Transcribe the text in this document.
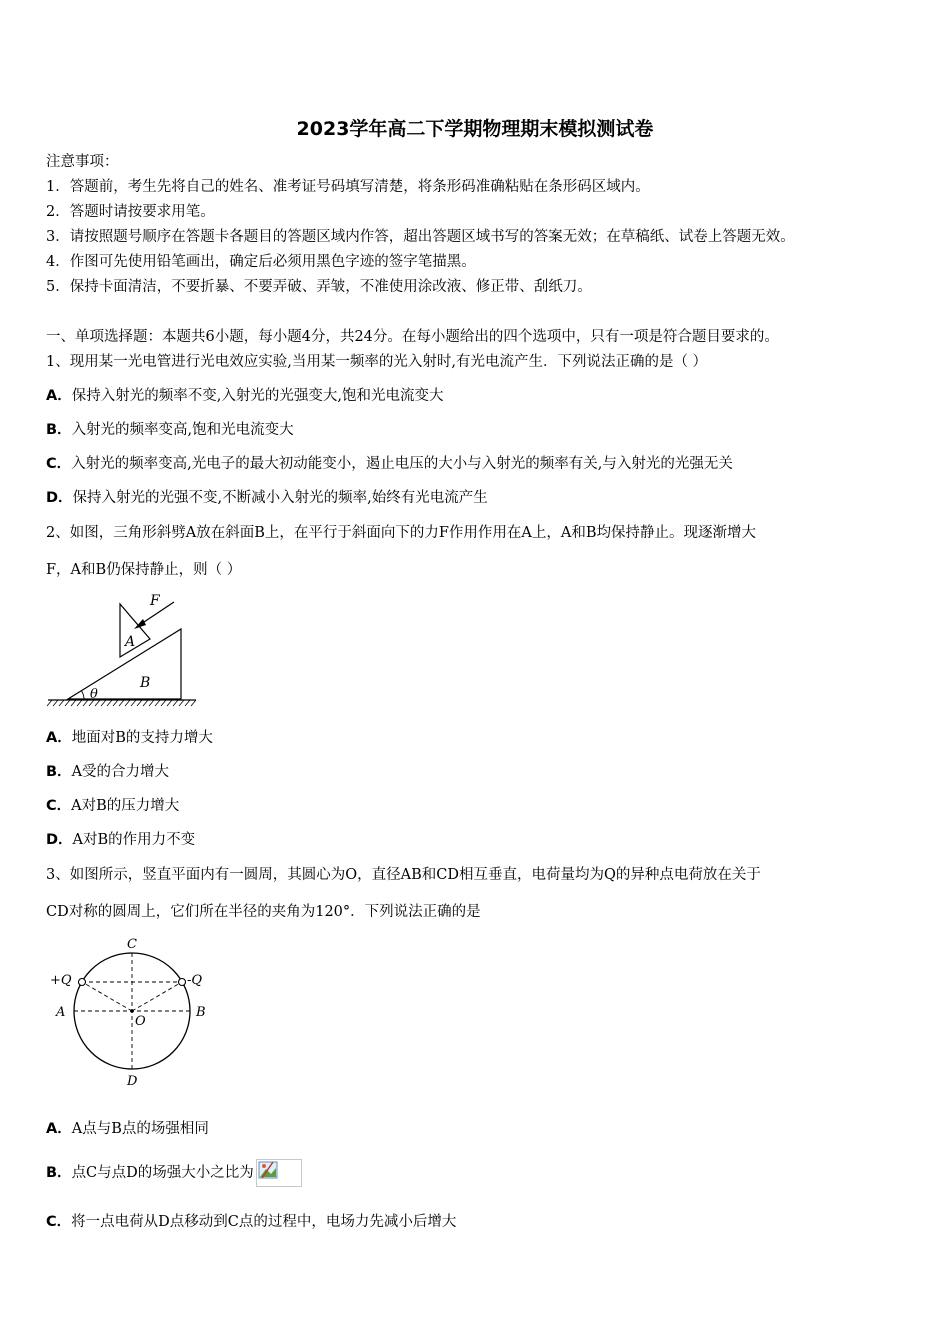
2023学年高二下学期物理期末模拟测试卷
注意事项：
1．答题前，考生先将自己的姓名、准考证号码填写清楚，将条形码准确粘贴在条形码区域内。
2．答题时请按要求用笔。
3．请按照题号顺序在答题卡各题目的答题区域内作答，超出答题区域书写的答案无效；在草稿纸、试卷上答题无效。
4．作图可先使用铅笔画出，确定后必须用黑色字迹的签字笔描黑。
5．保持卡面清洁，不要折暴、不要弄破、弄皱，不准使用涂改液、修正带、刮纸刀。
一、单项选择题：本题共6小题，每小题4分，共24分。在每小题给出的四个选项中，只有一项是符合题目要求的。
1、现用某一光电管进行光电效应实验,当用某一频率的光入射时,有光电流产生．下列说法正确的是（ ）
A．保持入射光的频率不变,入射光的光强变大,饱和光电流变大
B．入射光的频率变高,饱和光电流变大
C．入射光的频率变高,光电子的最大初动能变小，遏止电压的大小与入射光的频率有关,与入射光的光强无关
D．保持入射光的光强不变,不断减小入射光的频率,始终有光电流产生
2、如图，三角形斜劈A放在斜面B上，在平行于斜面向下的力F作用作用在A上，A和B均保持静止。现逐渐增大
F，A和B仍保持静止，则（ ）
F
A
B
θ
A．地面对B的支持力增大
B．A受的合力增大
C．A对B的压力增大
D．A对B的作用力不变
3、如图所示，竖直平面内有一圆周，其圆心为O，直径AB和CD相互垂直，电荷量均为Q的异种点电荷放在关于
CD对称的圆周上，它们所在半径的夹角为120°．下列说法正确的是
C
D
A	B
O
+Q	-Q
A．A点与B点的场强相同
B．点C与点D的场强大小之比为
C．将一点电荷从D点移动到C点的过程中，电场力先减小后增大
